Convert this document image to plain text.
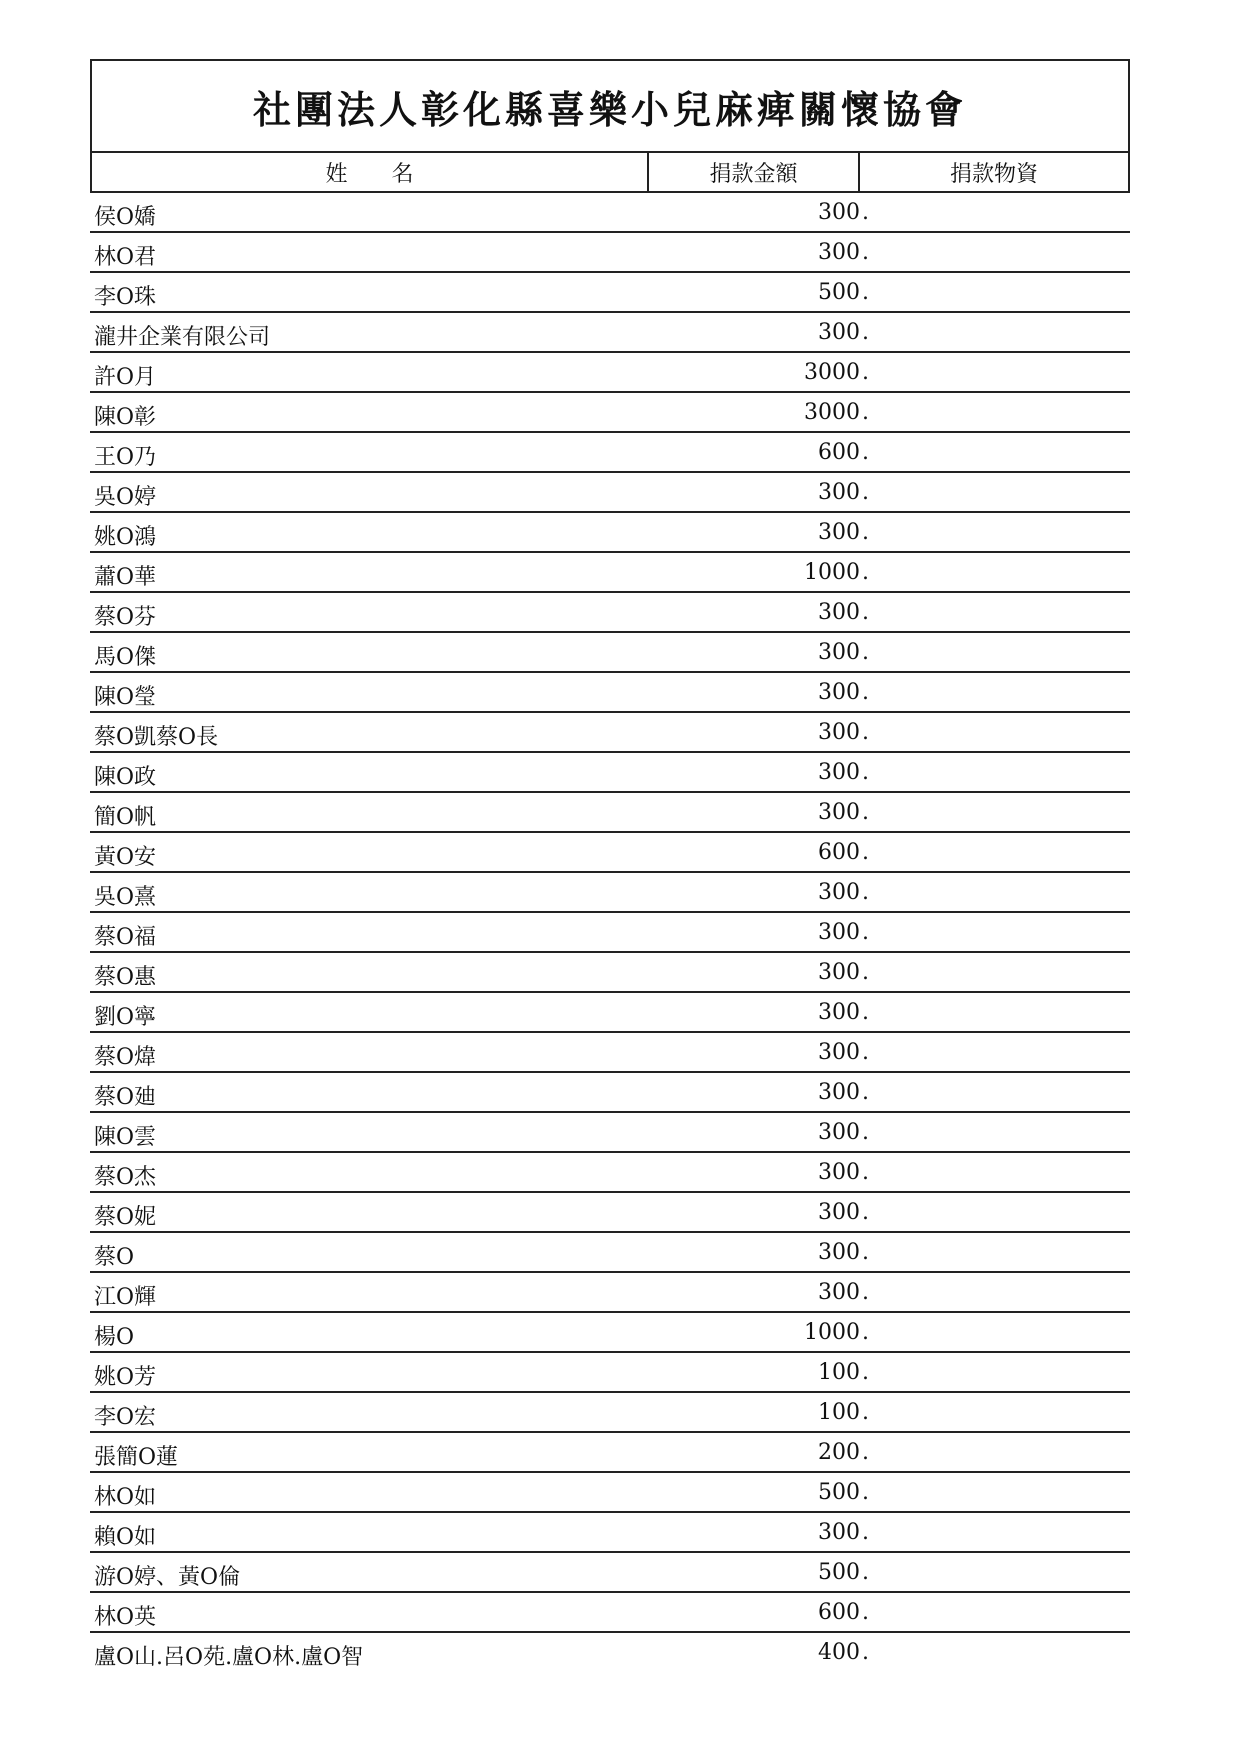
社團法人彰化縣喜樂小兒麻痺關懷協會
姓名	捐款金額	捐款物資
侯O嬌	300 .
林O君	300 .
李O珠	500 .
瀧井企業有限公司	300 .
許O月	3000 .
陳O彰	3000 .
王O乃	600 .
吳O婷	300 .
姚O鴻	300 .
蕭O華	1000 .
蔡O芬	300 .
馬O傑	300 .
陳O瑩	300 .
蔡O凱蔡O長	300 .
陳O政	300 .
簡O帆	300 .
黃O安	600 .
吳O熹	300 .
蔡O福	300 .
蔡O惠	300 .
劉O寧	300 .
蔡O煒	300 .
蔡O廸	300 .
陳O雲	300 .
蔡O杰	300 .
蔡O妮	300 .
蔡O	300 .
江O輝	300 .
楊O	1000 .
姚O芳	100 .
李O宏	100 .
張簡O蓮	200 .
林O如	500 .
賴O如	300 .
游O婷、黃O倫	500 .
林O英	600 .
盧O山.呂O苑.盧O林.盧O智	400 .
